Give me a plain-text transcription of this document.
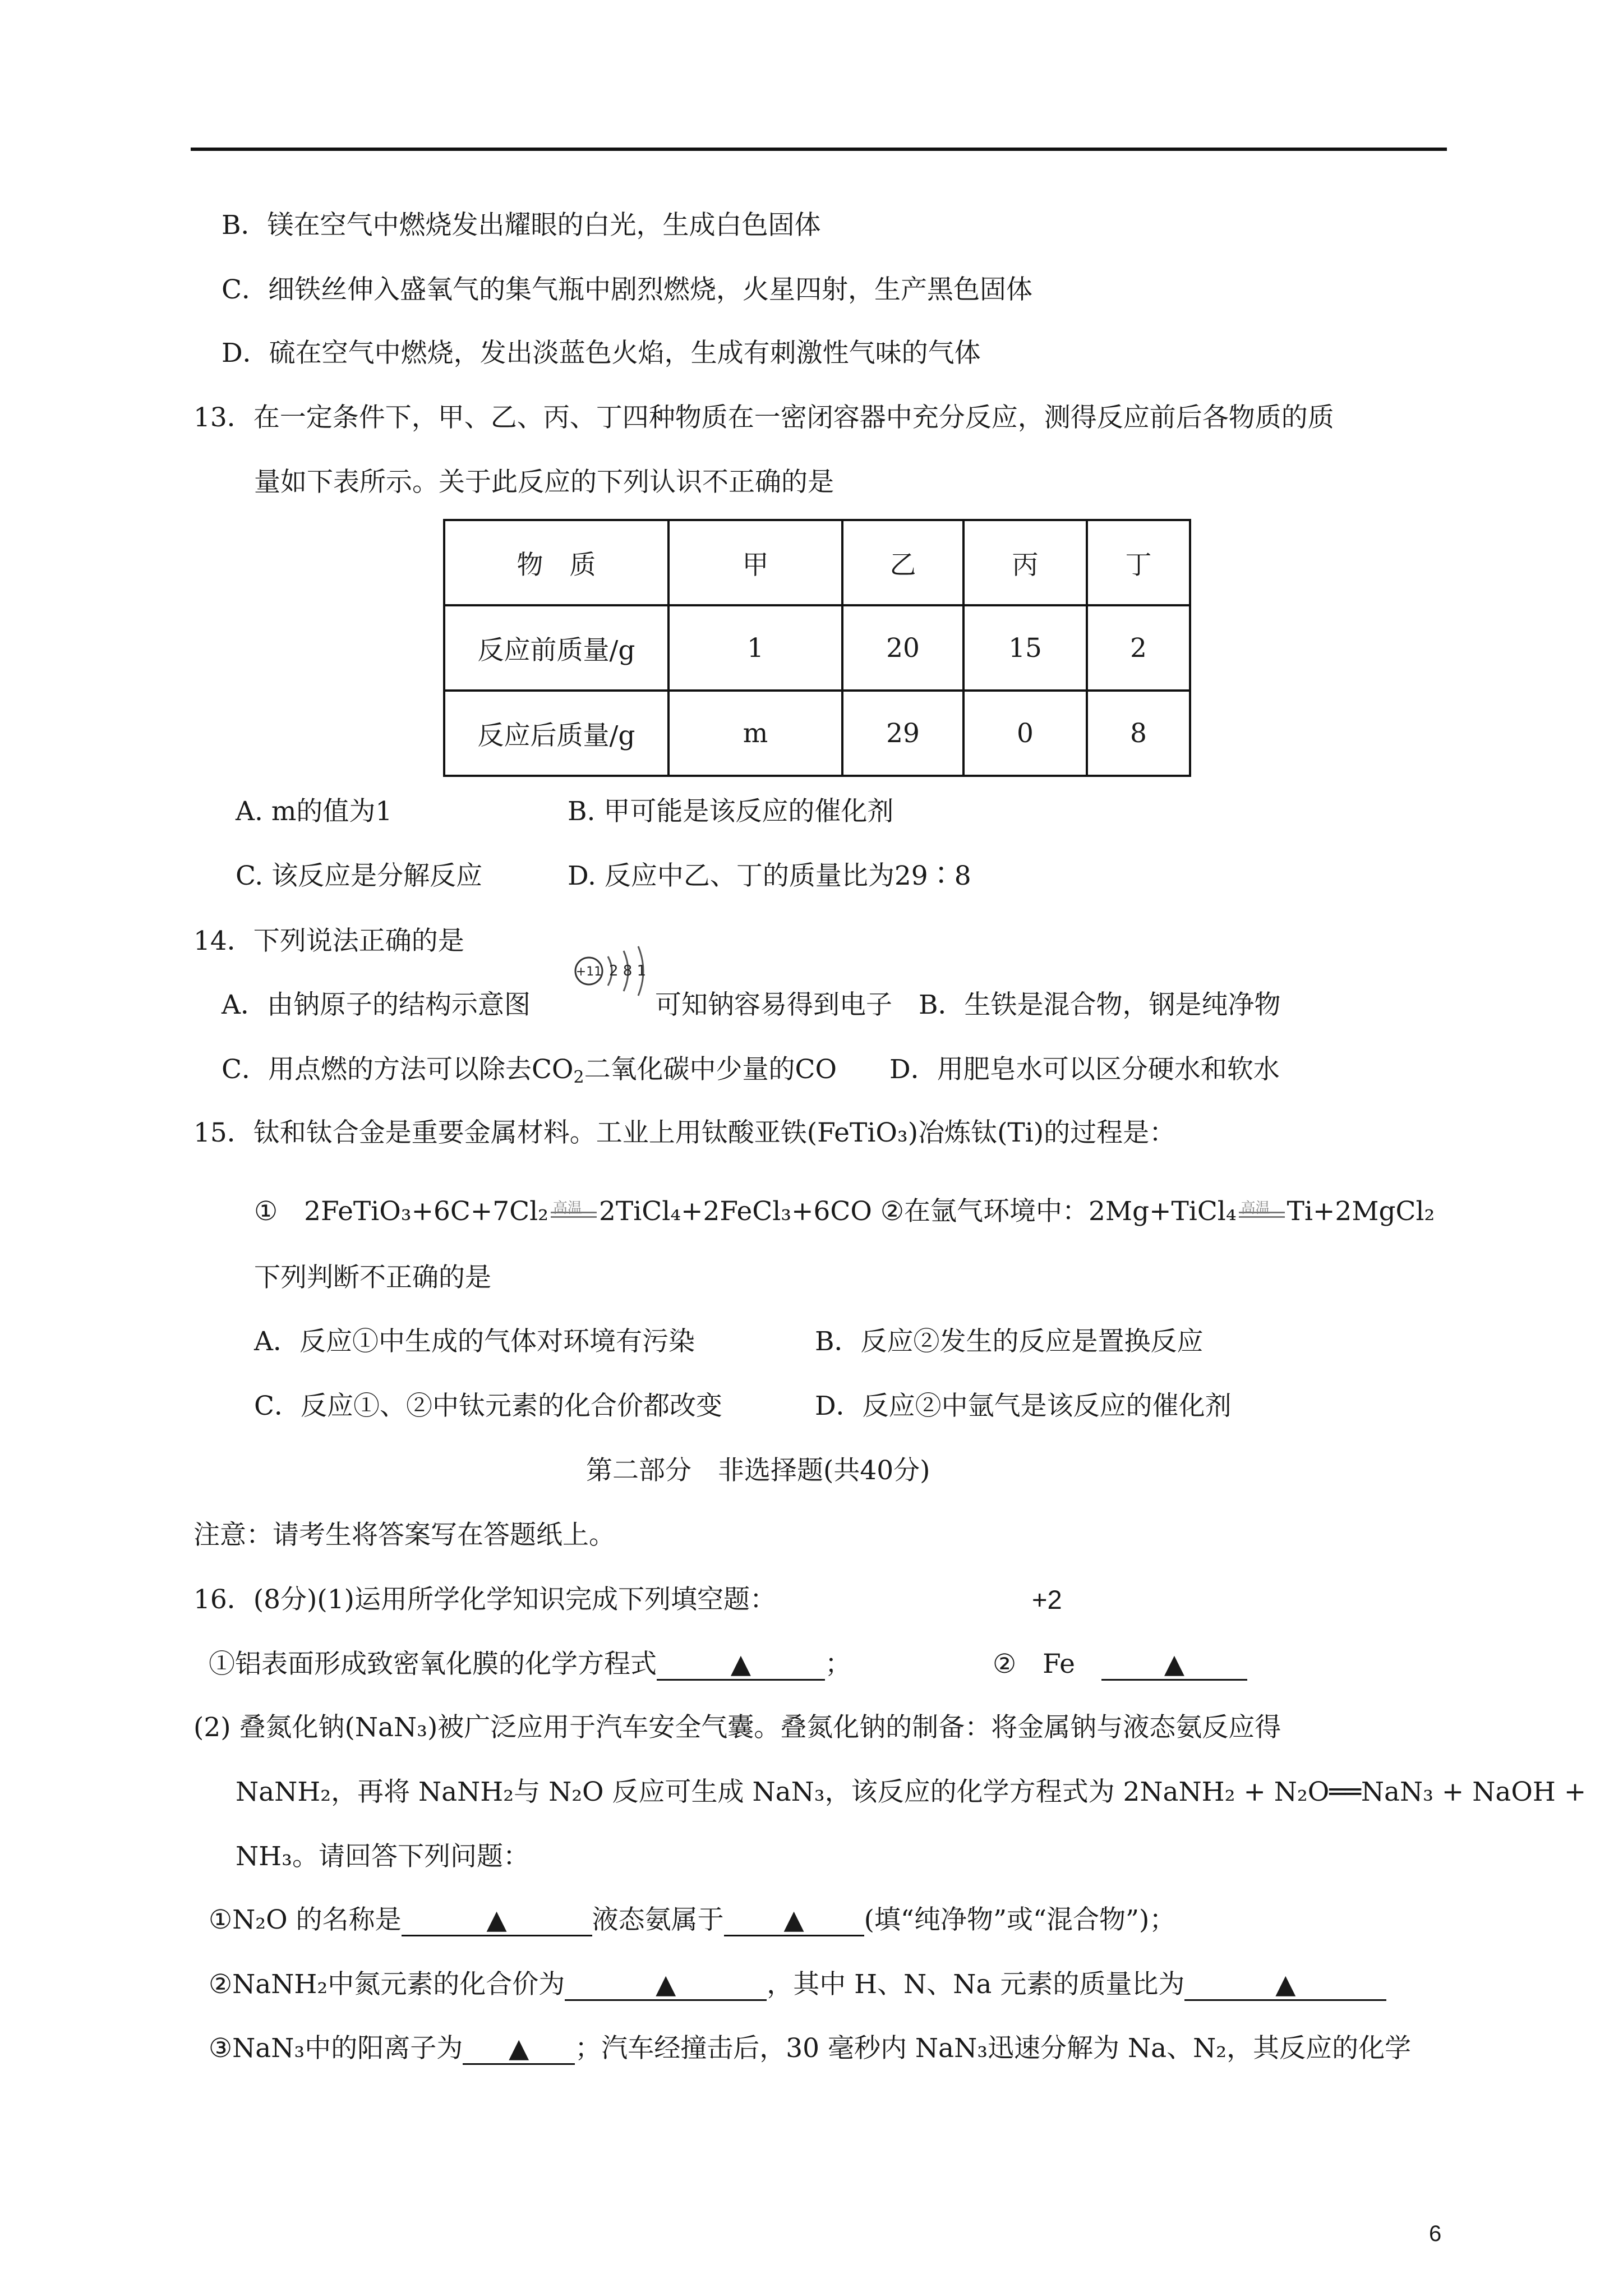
B．镁在空气中燃烧发出耀眼的白光，生成白色固体
C．细铁丝伸入盛氧气的集气瓶中剧烈燃烧，火星四射，生产黑色固体
D．硫在空气中燃烧，发出淡蓝色火焰，生成有刺激性气味的气体
13．在一定条件下，甲、乙、丙、丁四种物质在一密闭容器中充分反应，测得反应前后各物质的质
量如下表所示。关于此反应的下列认识不正确的是
物　质	甲	乙	丙	丁
反应前质量/g	1	20	15	2
反应后质量/g	m	29	0	8
A. m的值为1	B. 甲可能是该反应的催化剂
C. 该反应是分解反应	D. 反应中乙、丁的质量比为29∶8
14．下列说法正确的是
A．由钠原子的结构示意图
+11 2 8 1
可知钠容易得到电子　B．生铁是混合物，钢是纯净物
C．用点燃的方法可以除去$CO_2$二氧化碳中少量的CO　　D．用肥皂水可以区分硬水和软水
15．钛和钛合金是重要金属材料。工业上用钛酸亚铁(FeTiO₃)冶炼钛(Ti)的过程是：
①　2FeTiO₃+6C+7Cl₂ 高温 2TiCl₄+2FeCl₃+6CO ②在氩气环境中：2Mg+TiCl₄ 高温 Ti+2MgCl₂
下列判断不正确的是
A．反应①中生成的气体对环境有污染	B．反应②发生的反应是置换反应
C．反应①、②中钛元素的化合价都改变	D．反应②中氩气是该反应的催化剂
第二部分　非选择题(共40分)
注意：请考生将答案写在答题纸上。
16．(8分)(1)运用所学化学知识完成下列填空题：	+2
①铝表面形成致密氧化膜的化学方程式	▲	；	②　Fe　	▲
(2) 叠氮化钠(NaN₃)被广泛应用于汽车安全气囊。叠氮化钠的制备：将金属钠与液态氨反应得
NaNH₂，再将 NaNH₂与 N₂O 反应可生成 NaN₃，该反应的化学方程式为 2NaNH₂ + N₂O══NaN₃ + NaOH +
NH₃。请回答下列问题：
①N₂O 的名称是	▲	液态氨属于 ▲ (填“纯净物”或“混合物”)；
②NaNH₂中氮元素的化合价为	▲	，其中 H、N、Na 元素的质量比为	▲
③NaN₃中的阳离子为 ▲ ；汽车经撞击后，30 毫秒内 NaN₃迅速分解为 Na、N₂，其反应的化学
6
